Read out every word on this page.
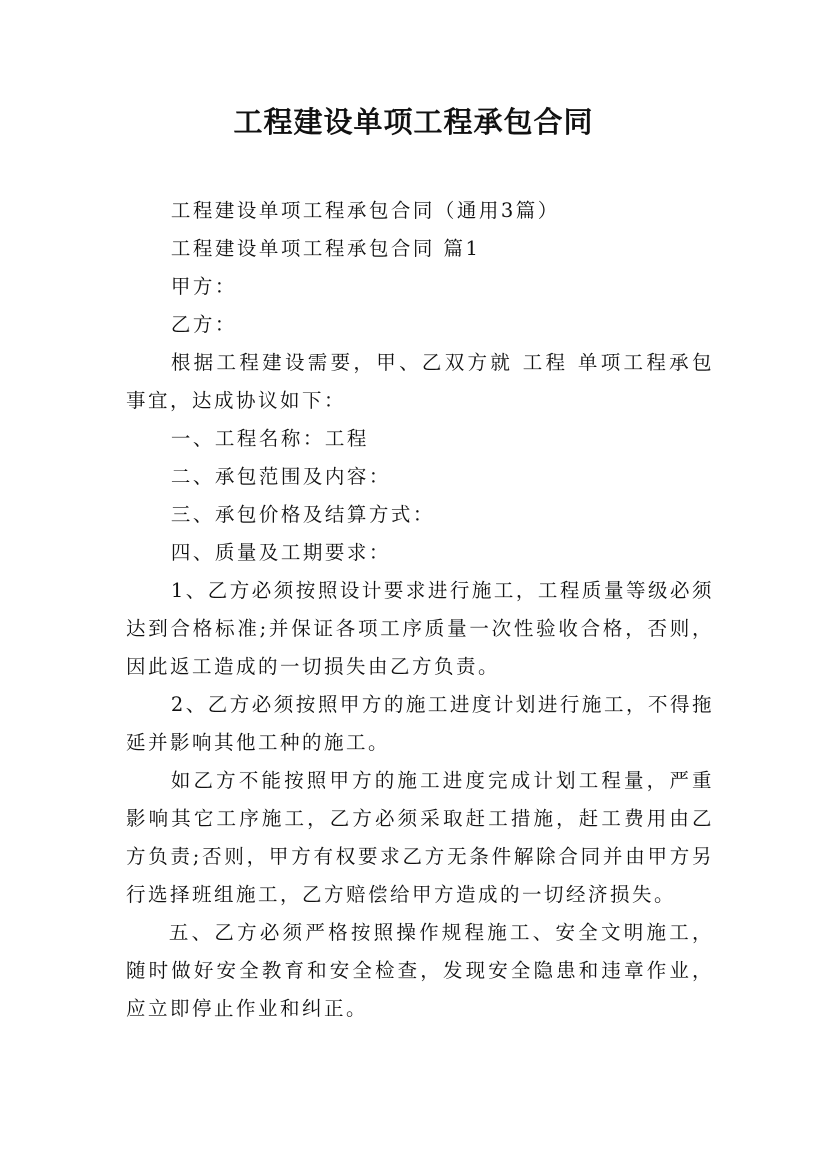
工程建设单项工程承包合同

工程建设单项工程承包合同（通用3篇）

工程建设单项工程承包合同 篇1

甲方：

乙方：

根据工程建设需要，甲、乙双方就 工程 单项工程承包事宜，达成协议如下：

一、工程名称：工程

二、承包范围及内容：

三、承包价格及结算方式：

四、质量及工期要求：

1、乙方必须按照设计要求进行施工，工程质量等级必须达到合格标准;并保证各项工序质量一次性验收合格，否则，因此返工造成的一切损失由乙方负责。

2、乙方必须按照甲方的施工进度计划进行施工，不得拖延并影响其他工种的施工。

如乙方不能按照甲方的施工进度完成计划工程量，严重影响其它工序施工，乙方必须采取赶工措施，赶工费用由乙方负责;否则，甲方有权要求乙方无条件解除合同并由甲方另行选择班组施工，乙方赔偿给甲方造成的一切经济损失。

五、乙方必须严格按照操作规程施工、安全文明施工，随时做好安全教育和安全检查，发现安全隐患和违章作业，应立即停止作业和纠正。
